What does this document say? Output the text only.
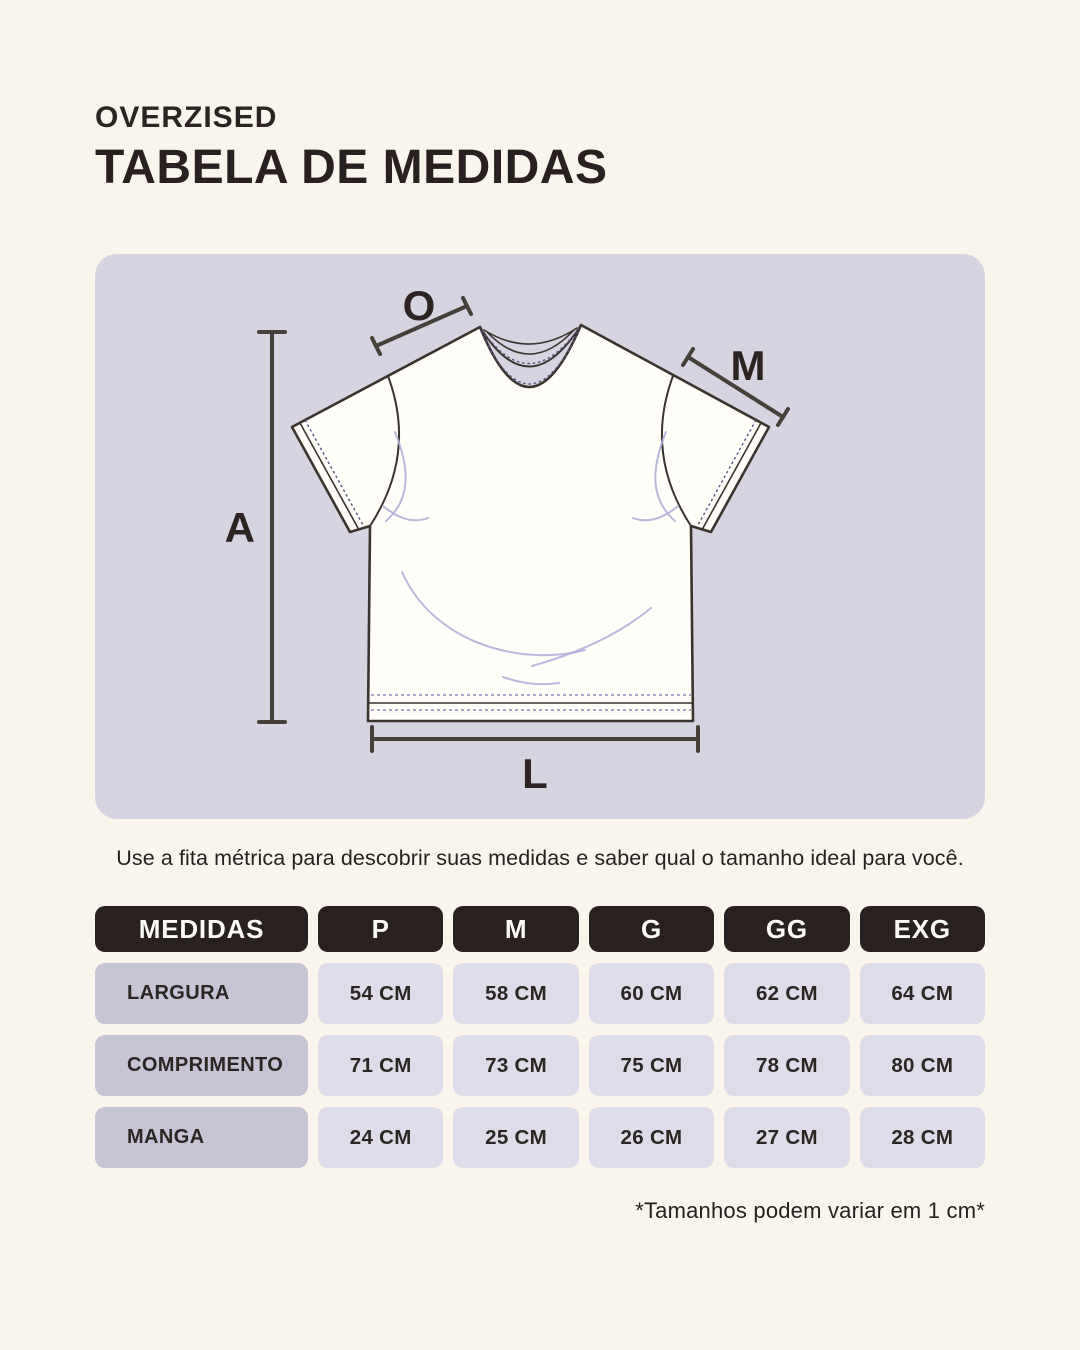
OVERZISED
TABELA DE MEDIDAS
A
O
M
L
Use a fita métrica para descobrir suas medidas e saber qual o tamanho ideal para você.
MEDIDAS	P	M	G	GG	EXG
LARGURA	54 CM	58 CM	60 CM	62 CM	64 CM
COMPRIMENTO	71 CM	73 CM	75 CM	78 CM	80 CM
MANGA	24 CM	25 CM	26 CM	27 CM	28 CM
*Tamanhos podem variar em 1 cm*
